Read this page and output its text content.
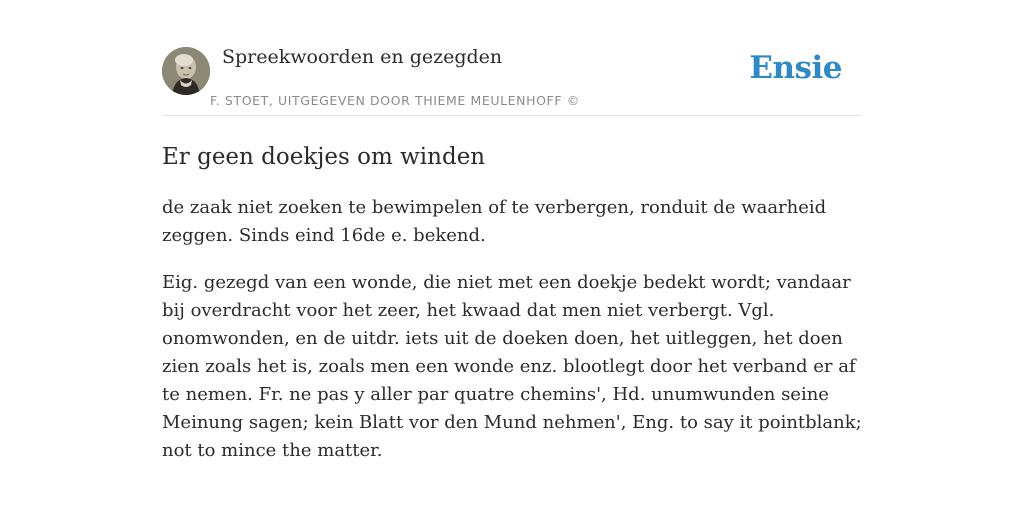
Spreekwoorden en gezegden
F. STOET, UITGEGEVEN DOOR THIEME MEULENHOFF ©
Ensie
Er geen doekjes om winden

de zaak niet zoeken te bewimpelen of te verbergen, ronduit de waarheid zeggen. Sinds eind 16de e. bekend.

Eig. gezegd van een wonde, die niet met een doekje bedekt wordt; vandaar bij overdracht voor het zeer, het kwaad dat men niet verbergt. Vgl. onomwonden, en de uitdr. iets uit de doeken doen, het uitleggen, het doen zien zoals het is, zoals men een wonde enz. blootlegt door het verband er af te nemen. Fr. ne pas y aller par quatre chemins', Hd. unumwunden seine Meinung sagen; kein Blatt vor den Mund nehmen', Eng. to say it pointblank; not to mince the matter.
